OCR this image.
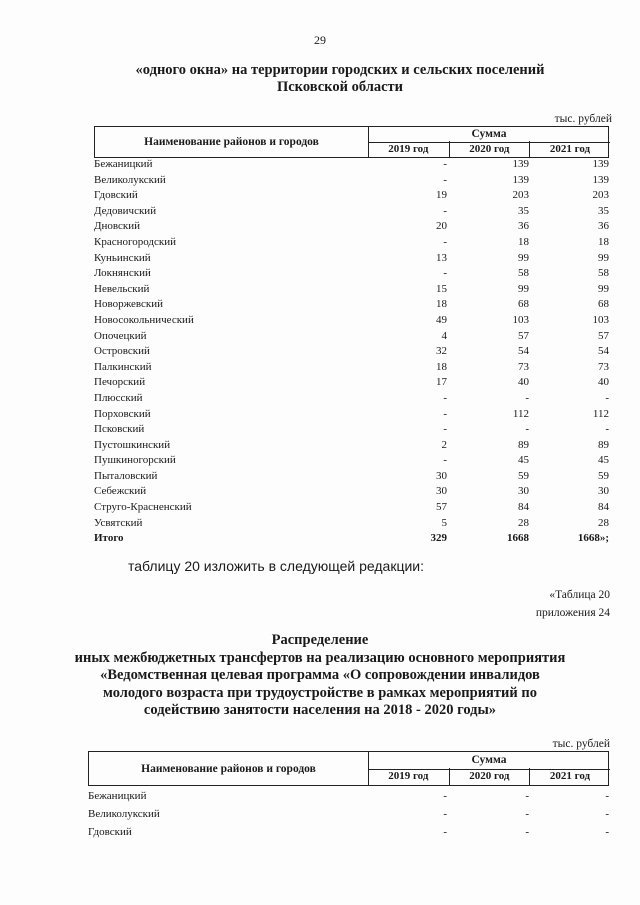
29
«одного окна» на территории городских и сельских поселений
Псковской области
тыс. рублей
Наименование районов и городов
Сумма
2019 год	2020 год	2021 год
Бежаницкий	-	139	139
Великолукский	-	139	139
Гдовский	19	203	203
Дедовичский	-	35	35
Дновский	20	36	36
Красногородский	-	18	18
Куньинский	13	99	99
Локнянский	-	58	58
Невельский	15	99	99
Новоржевский	18	68	68
Новосокольнический	49	103	103
Опочецкий	4	57	57
Островский	32	54	54
Палкинский	18	73	73
Печорский	17	40	40
Плюсский	-	-	-
Порховский	-	112	112
Псковский	-	-	-
Пустошкинский	2	89	89
Пушкиногорский	-	45	45
Пыталовский	30	59	59
Себежский	30	30	30
Струго-Красненский	57	84	84
Усвятский	5	28	28
Итого	329	1668	1668»;
таблицу 20 изложить в следующей редакции:
«Таблица 20
приложения 24
Распределение
иных межбюджетных трансфертов на реализацию основного мероприятия
«Ведомственная целевая программа «О сопровождении инвалидов
молодого возраста при трудоустройстве в рамках мероприятий по
содействию занятости населения на 2018 - 2020 годы»
тыс. рублей
Наименование районов и городов
Сумма
2019 год	2020 год	2021 год
Бежаницкий	-	-	-
Великолукский	-	-	-
Гдовский	-	-	-
